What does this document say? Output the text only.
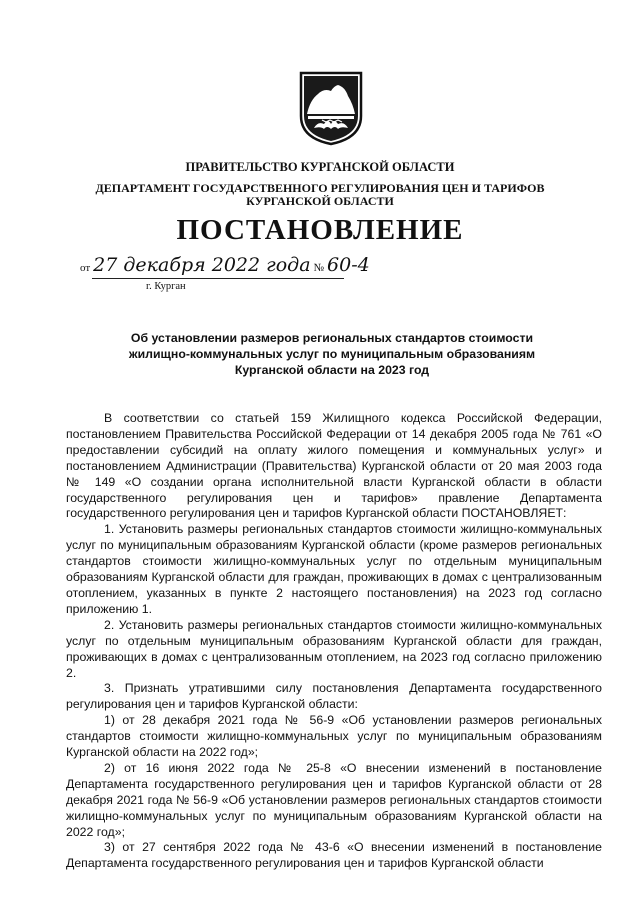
ПРАВИТЕЛЬСТВО КУРГАНСКОЙ ОБЛАСТИ
ДЕПАРТАМЕНТ ГОСУДАРСТВЕННОГО РЕГУЛИРОВАНИЯ ЦЕН И ТАРИФОВ
КУРГАНСКОЙ ОБЛАСТИ
ПОСТАНОВЛЕНИЕ
от 27 декабря 2022 года № 60-4
г. Курган
Об установлении размеров региональных стандартов стоимости
жилищно-коммунальных услуг по муниципальным образованиям
Курганской области на 2023 год

В соответствии со статьей 159 Жилищного кодекса Российской Федерации, постановлением Правительства Российской Федерации от 14 декабря 2005 года № 761 «О предоставлении субсидий на оплату жилого помещения и коммунальных услуг» и постановлением Администрации (Правительства) Курганской области от 20 мая 2003 года № 149 «О создании органа исполнительной власти Курганской области в области государственного регулирования цен и тарифов» правление Департамента государственного регулирования цен и тарифов Курганской области ПОСТАНОВЛЯЕТ:

1. Установить размеры региональных стандартов стоимости жилищно-коммунальных услуг по муниципальным образованиям Курганской области (кроме размеров региональных стандартов стоимости жилищно-коммунальных услуг по отдельным муниципальным образованиям Курганской области для граждан, проживающих в домах с централизованным отоплением, указанных в пункте 2 настоящего постановления) на 2023 год согласно приложению 1.

2. Установить размеры региональных стандартов стоимости жилищно-коммунальных услуг по отдельным муниципальным образованиям Курганской области для граждан, проживающих в домах с централизованным отоплением, на 2023 год согласно приложению 2.

3. Признать утратившими силу постановления Департамента государственного регулирования цен и тарифов Курганской области:

1) от 28 декабря 2021 года № 56-9 «Об установлении размеров региональных стандартов стоимости жилищно-коммунальных услуг по муниципальным образованиям Курганской области на 2022 год»;

2) от 16 июня 2022 года № 25-8 «О внесении изменений в постановление Департамента государственного регулирования цен и тарифов Курганской области от 28 декабря 2021 года № 56-9 «Об установлении размеров региональных стандартов стоимости жилищно-коммунальных услуг по муниципальным образованиям Курганской области на 2022 год»;

3) от 27 сентября 2022 года № 43-6 «О внесении изменений в постановление Департамента государственного регулирования цен и тарифов Курганской области
